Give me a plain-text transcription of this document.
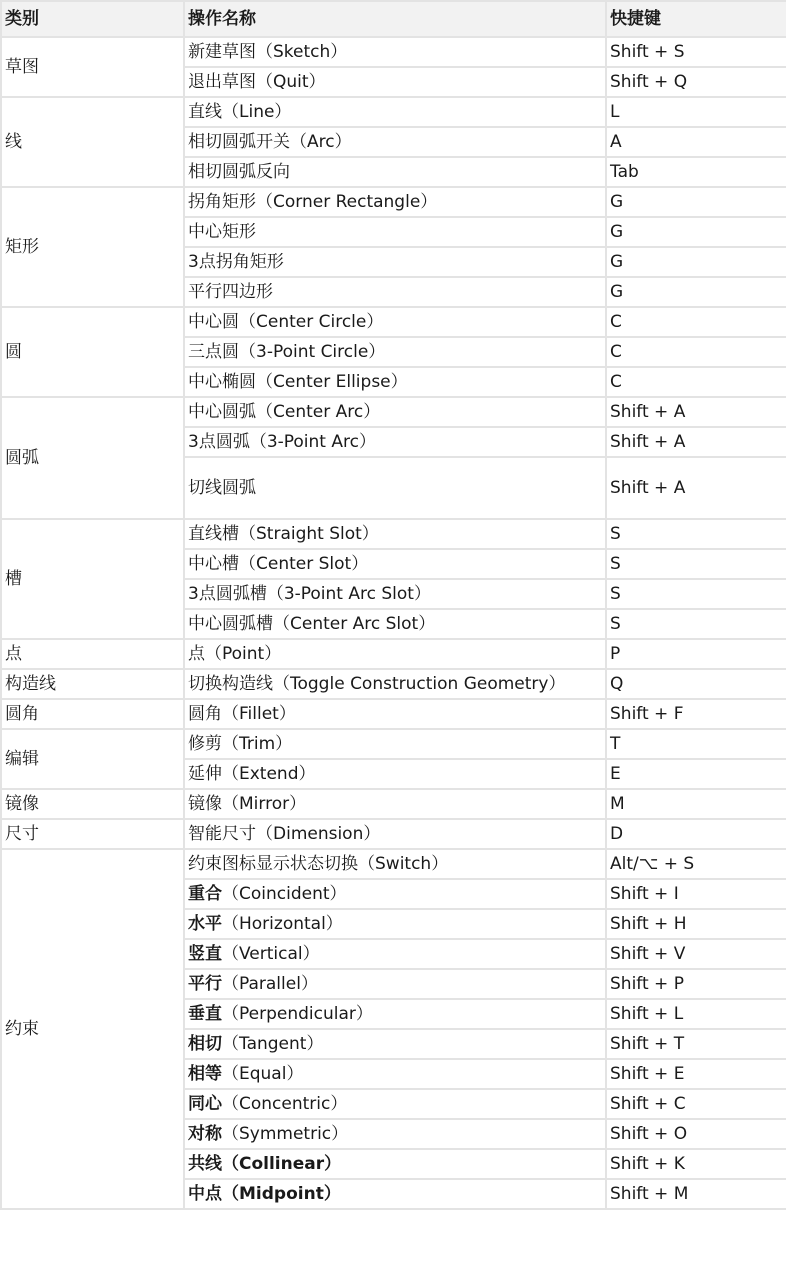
类别	操作名称	快捷键
草图	新建草图（Sketch）	Shift + S
	退出草图（Quit）	Shift + Q
线	直线（Line）	L
	相切圆弧开关（Arc）	A
	相切圆弧反向	Tab
矩形	拐角矩形（Corner Rectangle）	G
	中心矩形	G
	3点拐角矩形	G
	平行四边形	G
圆	中心圆（Center Circle）	C
	三点圆（3-Point Circle）	C
	中心椭圆（Center Ellipse）	C
圆弧	中心圆弧（Center Arc）	Shift + A
	3点圆弧（3-Point Arc）	Shift + A
	切线圆弧	Shift + A
槽	直线槽（Straight Slot）	S
	中心槽（Center Slot）	S
	3点圆弧槽（3-Point Arc Slot）	S
	中心圆弧槽（Center Arc Slot）	S
点	点（Point）	P
构造线	切换构造线（Toggle Construction Geometry）	Q
圆角	圆角（Fillet）	Shift + F
编辑	修剪（Trim）	T
	延伸（Extend）	E
镜像	镜像（Mirror）	M
尺寸	智能尺寸（Dimension）	D
约束	约束图标显示状态切换（Switch）	Alt/⌥ + S
	重合（Coincident）	Shift + I
	水平（Horizontal）	Shift + H
	竖直（Vertical）	Shift + V
	平行（Parallel）	Shift + P
	垂直（Perpendicular）	Shift + L
	相切（Tangent）	Shift + T
	相等（Equal）	Shift + E
	同心（Concentric）	Shift + C
	对称（Symmetric）	Shift + O
	共线（Collinear）	Shift + K
	中点（Midpoint）	Shift + M
